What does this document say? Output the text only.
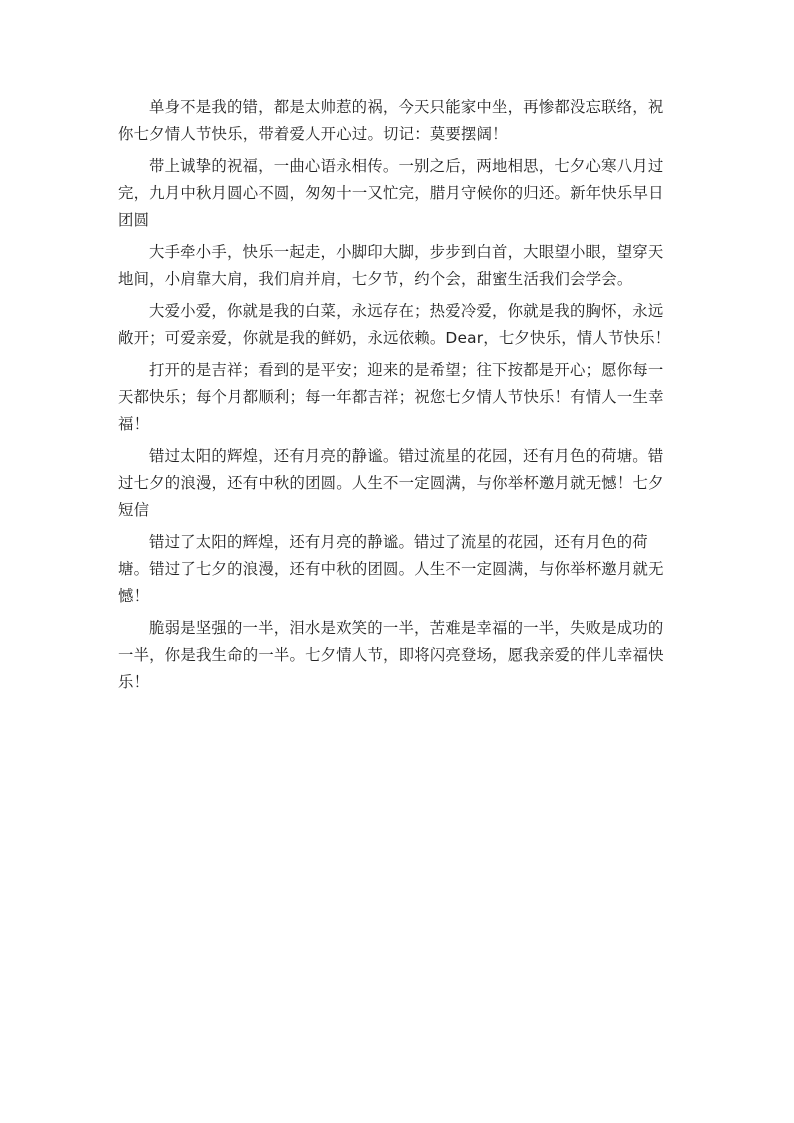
单身不是我的错，都是太帅惹的祸，今天只能家中坐，再惨都没忘联络，祝你七夕情人节快乐，带着爱人开心过。切记：莫要摆阔！

带上诚挚的祝福，一曲心语永相传。一别之后，两地相思，七夕心寒八月过完，九月中秋月圆心不圆，匆匆十一又忙完，腊月守候你的归还。新年快乐早日团圆

大手牵小手，快乐一起走，小脚印大脚，步步到白首，大眼望小眼，望穿天地间，小肩靠大肩，我们肩并肩，七夕节，约个会，甜蜜生活我们会学会。

大爱小爱，你就是我的白菜，永远存在；热爱冷爱，你就是我的胸怀，永远敞开；可爱亲爱，你就是我的鲜奶，永远依赖。Dear，七夕快乐，情人节快乐！

打开的是吉祥；看到的是平安；迎来的是希望；往下按都是开心；愿你每一天都快乐；每个月都顺利；每一年都吉祥；祝您七夕情人节快乐！有情人一生幸福！

错过太阳的辉煌，还有月亮的静谧。错过流星的花园，还有月色的荷塘。错过七夕的浪漫，还有中秋的团圆。人生不一定圆满，与你举杯邀月就无憾！七夕短信

错过了太阳的辉煌，还有月亮的静谧。错过了流星的花园，还有月色的荷塘。错过了七夕的浪漫，还有中秋的团圆。人生不一定圆满，与你举杯邀月就无憾！

脆弱是坚强的一半，泪水是欢笑的一半，苦难是幸福的一半，失败是成功的一半，你是我生命的一半。七夕情人节，即将闪亮登场，愿我亲爱的伴儿幸福快乐！
